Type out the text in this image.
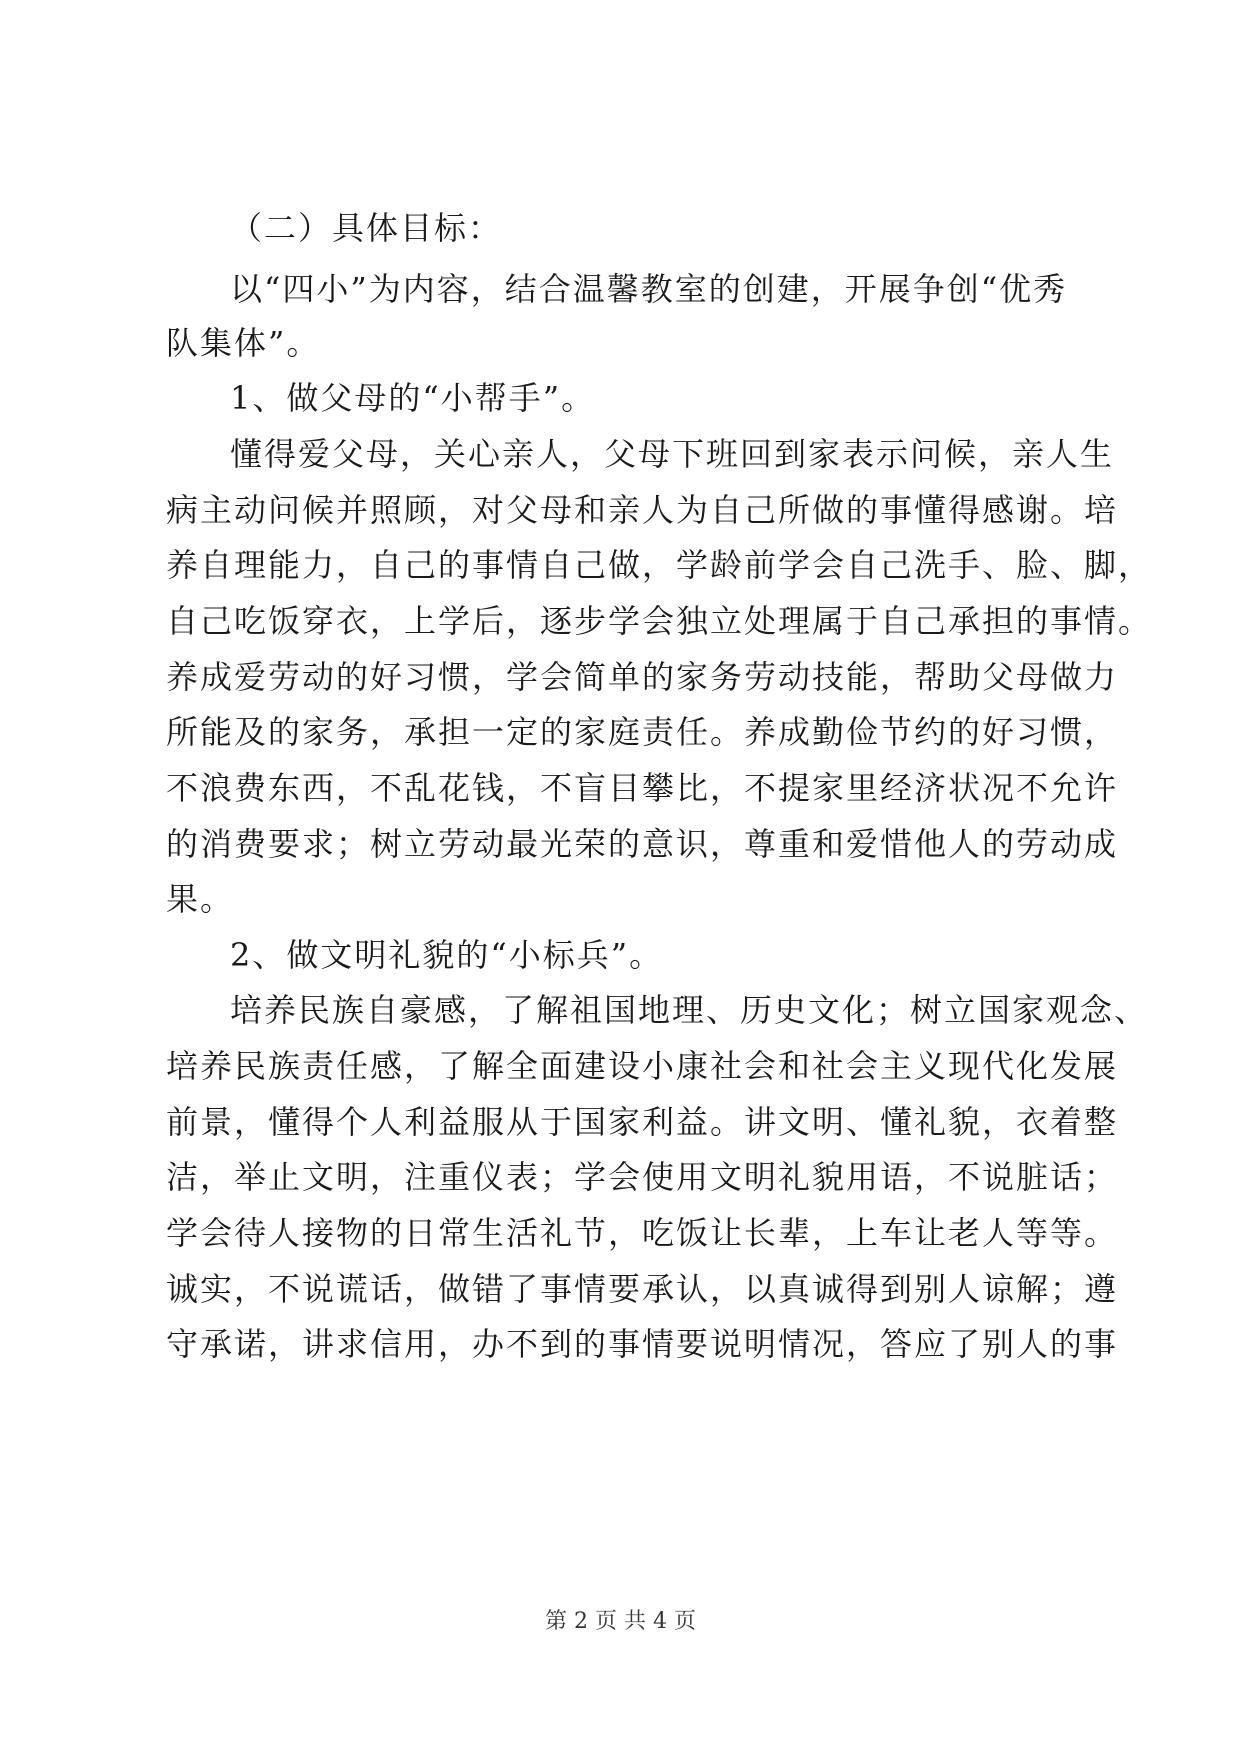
（二）具体目标：
以“四小”为内容，结合温馨教室的创建，开展争创“优秀
队集体”。
1、做父母的“小帮手”。
懂得爱父母，关心亲人，父母下班回到家表示问候，亲人生
病主动问候并照顾，对父母和亲人为自己所做的事懂得感谢。培
养自理能力，自己的事情自己做，学龄前学会自己洗手、脸、脚，
自己吃饭穿衣，上学后，逐步学会独立处理属于自己承担的事情。
养成爱劳动的好习惯，学会简单的家务劳动技能，帮助父母做力
所能及的家务，承担一定的家庭责任。养成勤俭节约的好习惯，
不浪费东西，不乱花钱，不盲目攀比，不提家里经济状况不允许
的消费要求；树立劳动最光荣的意识，尊重和爱惜他人的劳动成
果。
2、做文明礼貌的“小标兵”。
培养民族自豪感，了解祖国地理、历史文化；树立国家观念、
培养民族责任感，了解全面建设小康社会和社会主义现代化发展
前景，懂得个人利益服从于国家利益。讲文明、懂礼貌，衣着整
洁，举止文明，注重仪表；学会使用文明礼貌用语，不说脏话；
学会待人接物的日常生活礼节，吃饭让长辈，上车让老人等等。
诚实，不说谎话，做错了事情要承认，以真诚得到别人谅解；遵
守承诺，讲求信用，办不到的事情要说明情况，答应了别人的事
第 2 页 共 4 页
